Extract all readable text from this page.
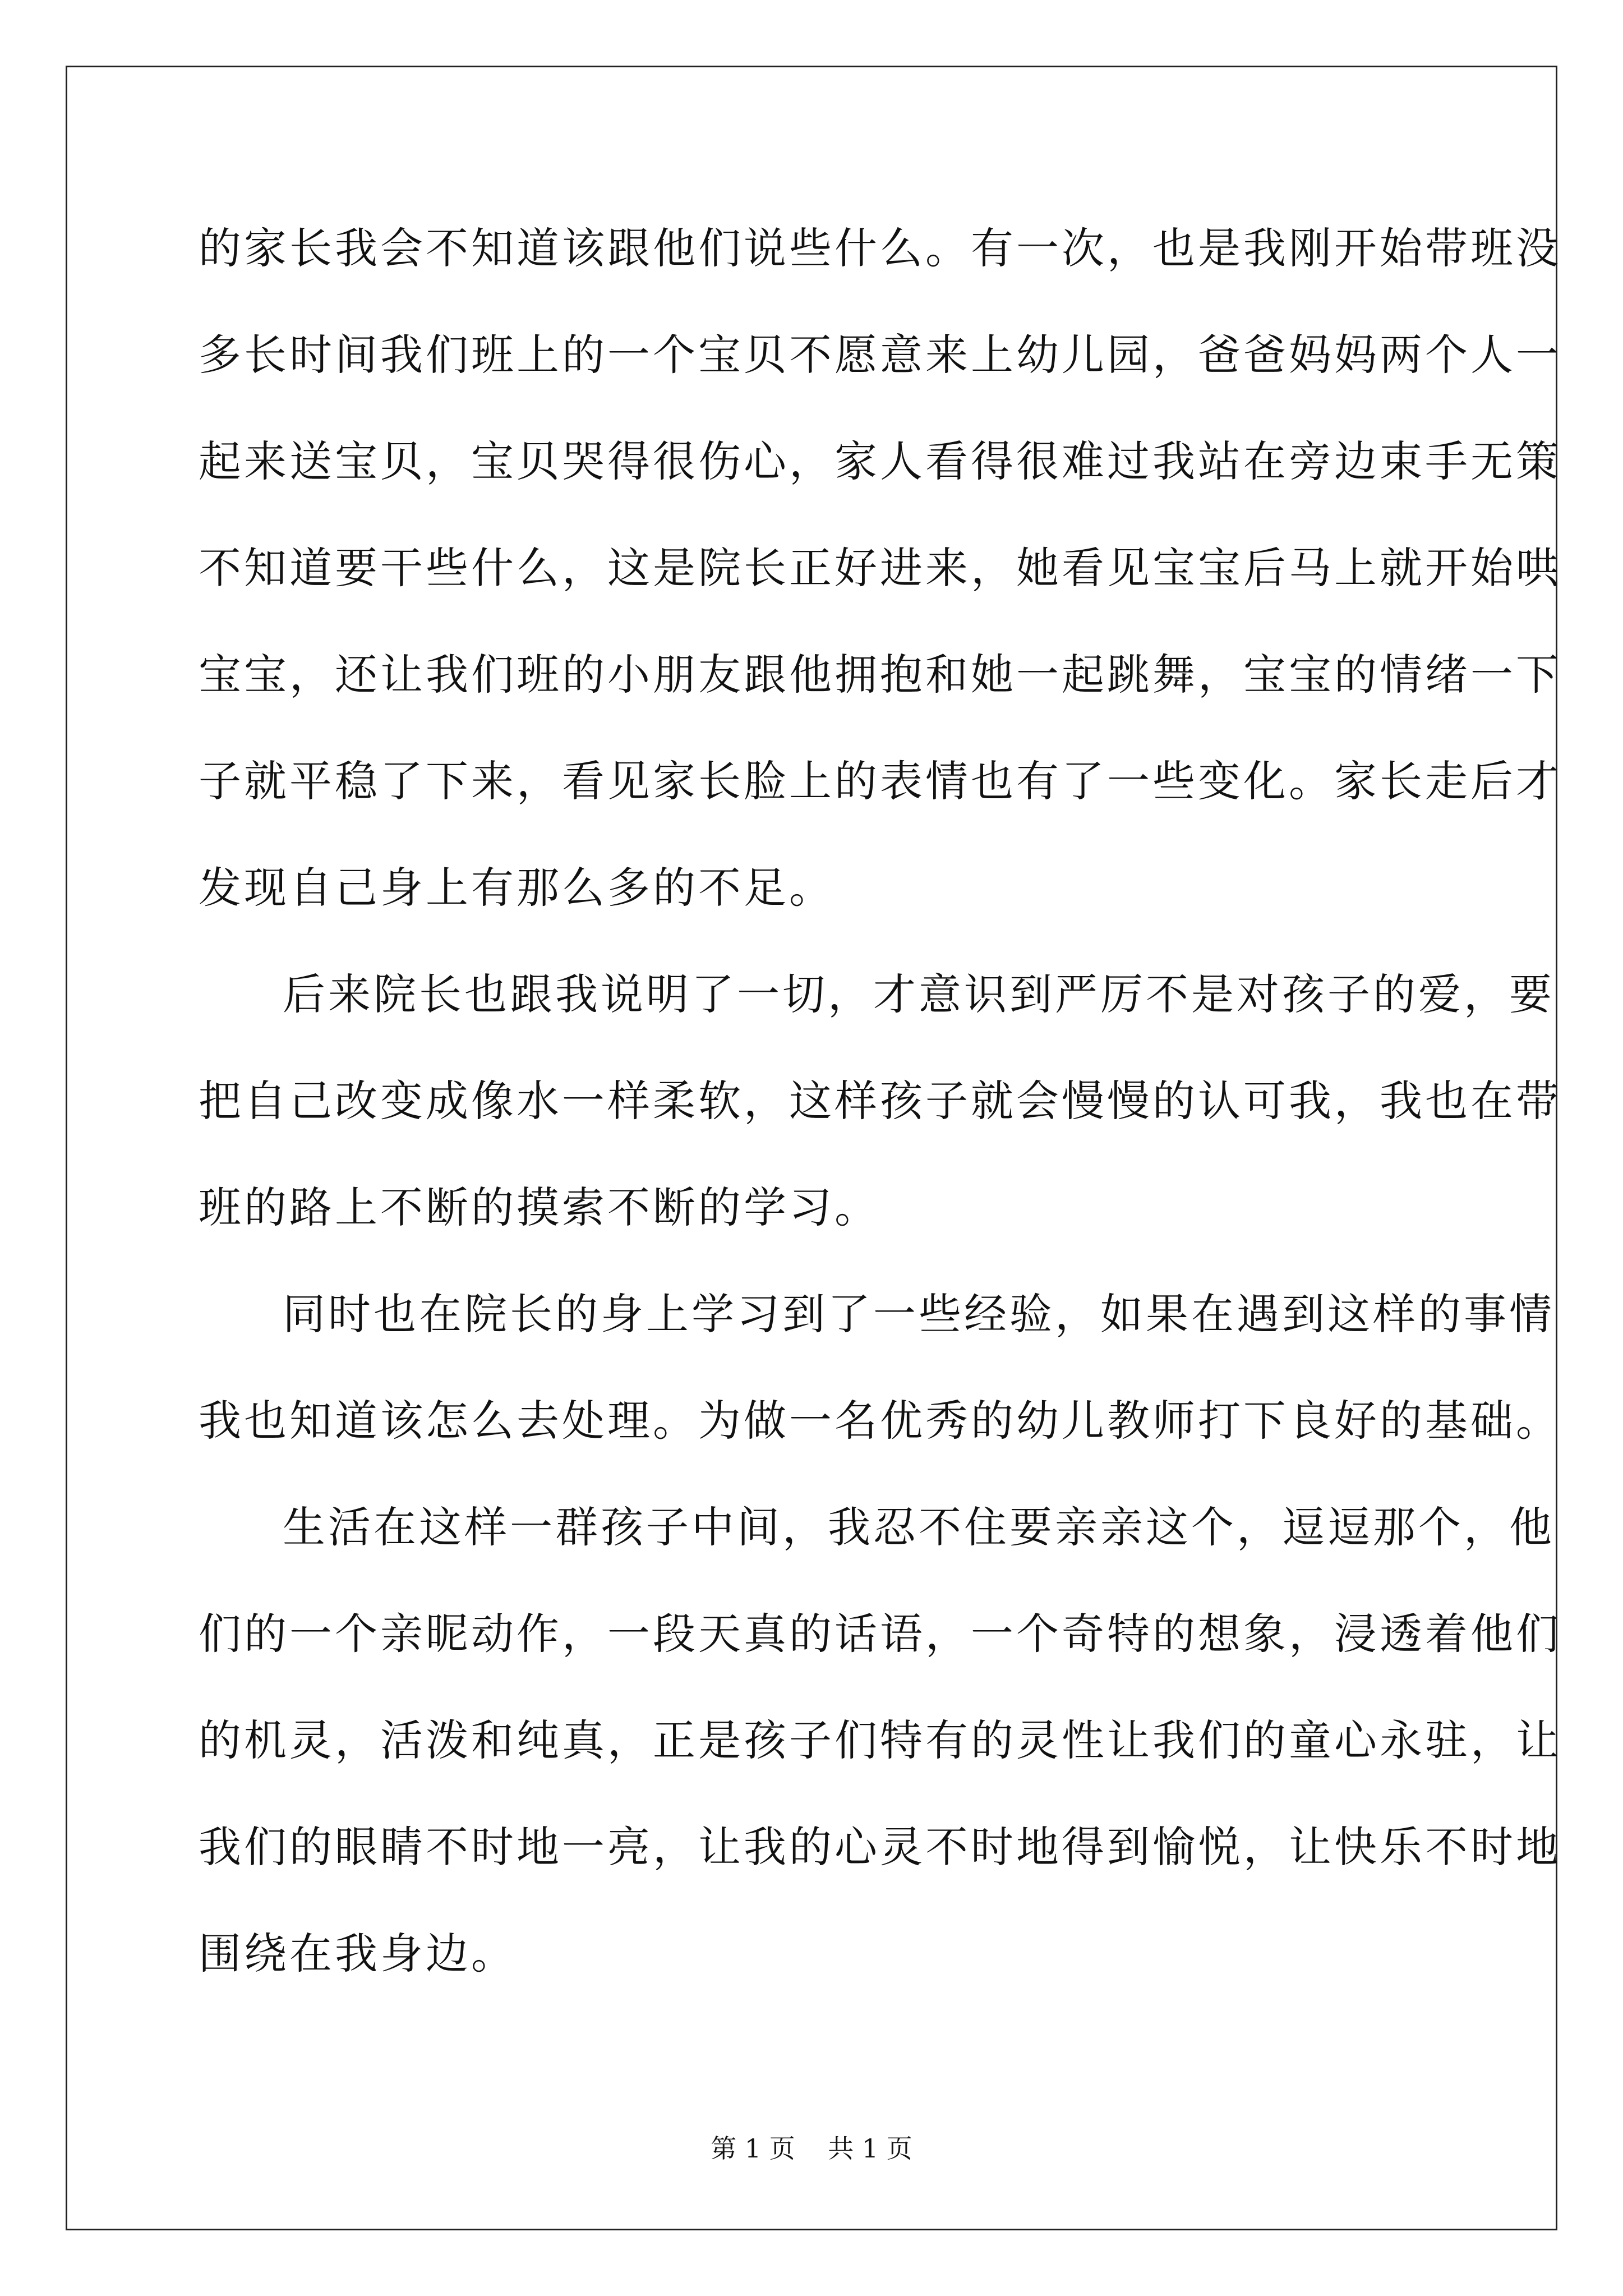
的家长我会不知道该跟他们说些什么。有一次，也是我刚开始带班没
多长时间我们班上的一个宝贝不愿意来上幼儿园，爸爸妈妈两个人一
起来送宝贝，宝贝哭得很伤心，家人看得很难过我站在旁边束手无策
不知道要干些什么，这是院长正好进来，她看见宝宝后马上就开始哄
宝宝，还让我们班的小朋友跟他拥抱和她一起跳舞，宝宝的情绪一下
子就平稳了下来，看见家长脸上的表情也有了一些变化。家长走后才
发现自己身上有那么多的不足。
后来院长也跟我说明了一切，才意识到严厉不是对孩子的爱，要
把自己改变成像水一样柔软，这样孩子就会慢慢的认可我，我也在带
班的路上不断的摸索不断的学习。
同时也在院长的身上学习到了一些经验，如果在遇到这样的事情
我也知道该怎么去处理。为做一名优秀的幼儿教师打下良好的基础。
生活在这样一群孩子中间，我忍不住要亲亲这个，逗逗那个，他
们的一个亲昵动作，一段天真的话语，一个奇特的想象，浸透着他们
的机灵，活泼和纯真，正是孩子们特有的灵性让我们的童心永驻，让
我们的眼睛不时地一亮，让我的心灵不时地得到愉悦，让快乐不时地
围绕在我身边。
第 1 页    共 1 页
